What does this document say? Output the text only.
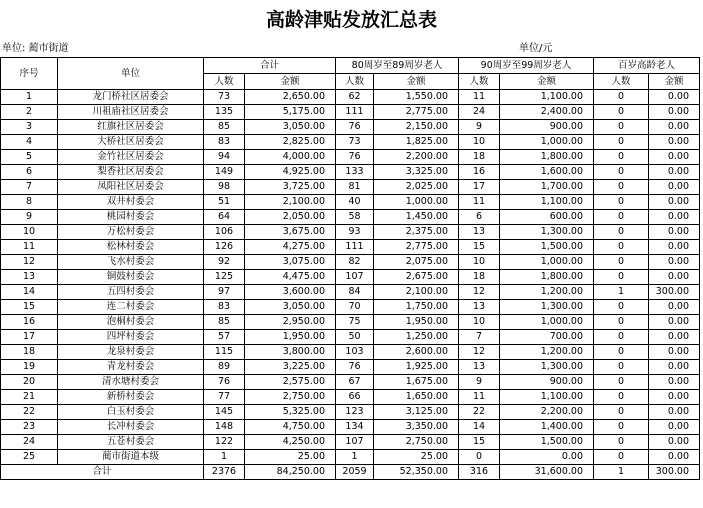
高龄津贴发放汇总表
单位: 蔺市街道	单位/元
序号	单位	合计		80周岁至89周岁老人		90周岁至99周岁老人		百岁高龄老人	
		人数	金额	人数	金额	人数	金额	人数	金额
1	龙门桥社区居委会	73	2,650.00	62	1,550.00	11	1,100.00	0	0.00
2	川祖庙社区居委会	135	5,175.00	111	2,775.00	24	2,400.00	0	0.00
3	红旗社区居委会	85	3,050.00	76	2,150.00	9	900.00	0	0.00
4	大桥社区居委会	83	2,825.00	73	1,825.00	10	1,000.00	0	0.00
5	金竹社区居委会	94	4,000.00	76	2,200.00	18	1,800.00	0	0.00
6	梨香社区居委会	149	4,925.00	133	3,325.00	16	1,600.00	0	0.00
7	凤阳社区居委会	98	3,725.00	81	2,025.00	17	1,700.00	0	0.00
8	双井村委会	51	2,100.00	40	1,000.00	11	1,100.00	0	0.00
9	桃园村委会	64	2,050.00	58	1,450.00	6	600.00	0	0.00
10	万松村委会	106	3,675.00	93	2,375.00	13	1,300.00	0	0.00
11	松林村委会	126	4,275.00	111	2,775.00	15	1,500.00	0	0.00
12	飞水村委会	92	3,075.00	82	2,075.00	10	1,000.00	0	0.00
13	铜鼓村委会	125	4,475.00	107	2,675.00	18	1,800.00	0	0.00
14	五四村委会	97	3,600.00	84	2,100.00	12	1,200.00	1	300.00
15	连二村委会	83	3,050.00	70	1,750.00	13	1,300.00	0	0.00
16	泡桐村委会	85	2,950.00	75	1,950.00	10	1,000.00	0	0.00
17	四坪村委会	57	1,950.00	50	1,250.00	7	700.00	0	0.00
18	龙泉村委会	115	3,800.00	103	2,600.00	12	1,200.00	0	0.00
19	青龙村委会	89	3,225.00	76	1,925.00	13	1,300.00	0	0.00
20	清水塘村委会	76	2,575.00	67	1,675.00	9	900.00	0	0.00
21	新桥村委会	77	2,750.00	66	1,650.00	11	1,100.00	0	0.00
22	白玉村委会	145	5,325.00	123	3,125.00	22	2,200.00	0	0.00
23	长冲村委会	148	4,750.00	134	3,350.00	14	1,400.00	0	0.00
24	五苍村委会	122	4,250.00	107	2,750.00	15	1,500.00	0	0.00
25	蔺市街道本级	1	25.00	1	25.00	0	0.00	0	0.00
合计		2376	84,250.00	2059	52,350.00	316	31,600.00	1	300.00
